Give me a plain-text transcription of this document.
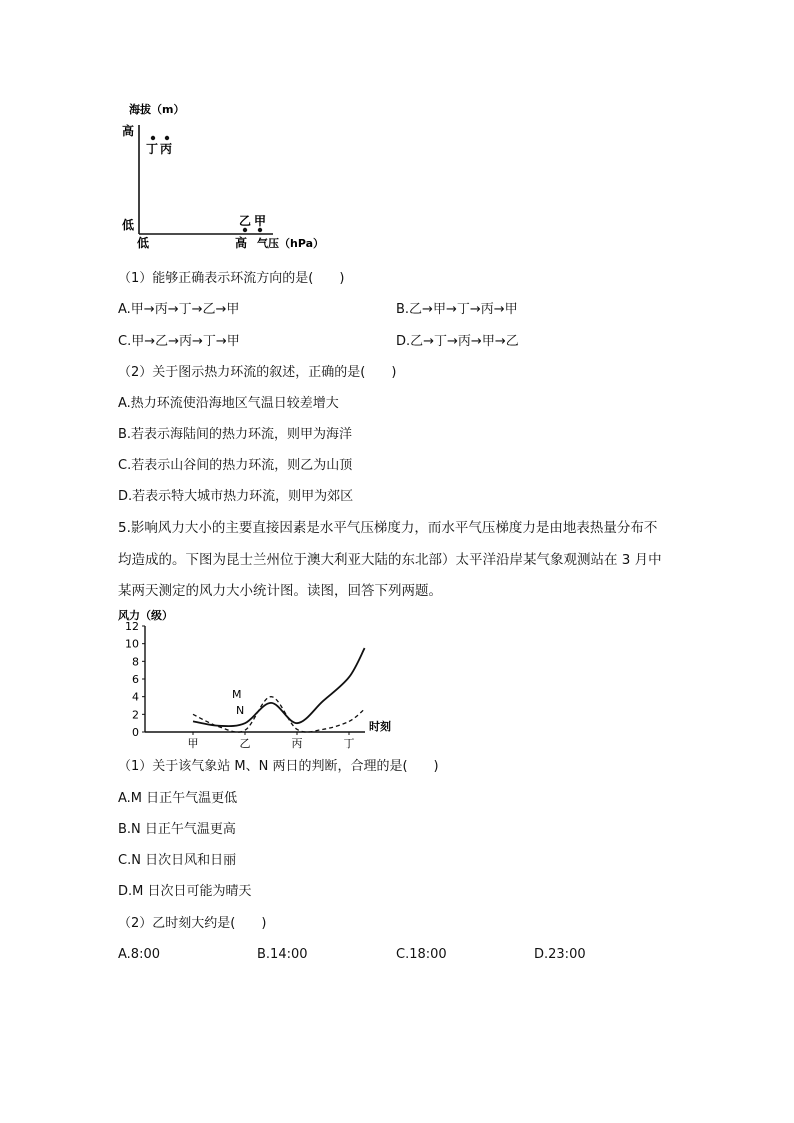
海拔（m）
高
低
低	高 气压（hPa）
丁 丙
乙 甲
（1）能够正确表示环流方向的是(　　)
A.甲→丙→丁→乙→甲	B.乙→甲→丁→丙→甲
C.甲→乙→丙→丁→甲	D.乙→丁→丙→甲→乙
（2）关于图示热力环流的叙述，正确的是(　　)
A.热力环流使沿海地区气温日较差增大
B.若表示海陆间的热力环流，则甲为海洋
C.若表示山谷间的热力环流，则乙为山顶
D.若表示特大城市热力环流，则甲为郊区
5.影响风力大小的主要直接因素是水平气压梯度力，而水平气压梯度力是由地表热量分布不
均造成的。下图为昆士兰州位于澳大利亚大陆的东北部）太平洋沿岸某气象观测站在 3 月中
某两天测定的风力大小统计图。读图，回答下列两题。
风力（级）
0
2
4
6
8
10
12
时刻
甲	乙	丙	丁
M
N
（1）关于该气象站 M、N 两日的判断，合理的是(　　)
A.M 日正午气温更低
B.N 日正午气温更高
C.N 日次日风和日丽
D.M 日次日可能为晴天
（2）乙时刻大约是(　　)
A.8:00	B.14:00	C.18:00	D.23:00
